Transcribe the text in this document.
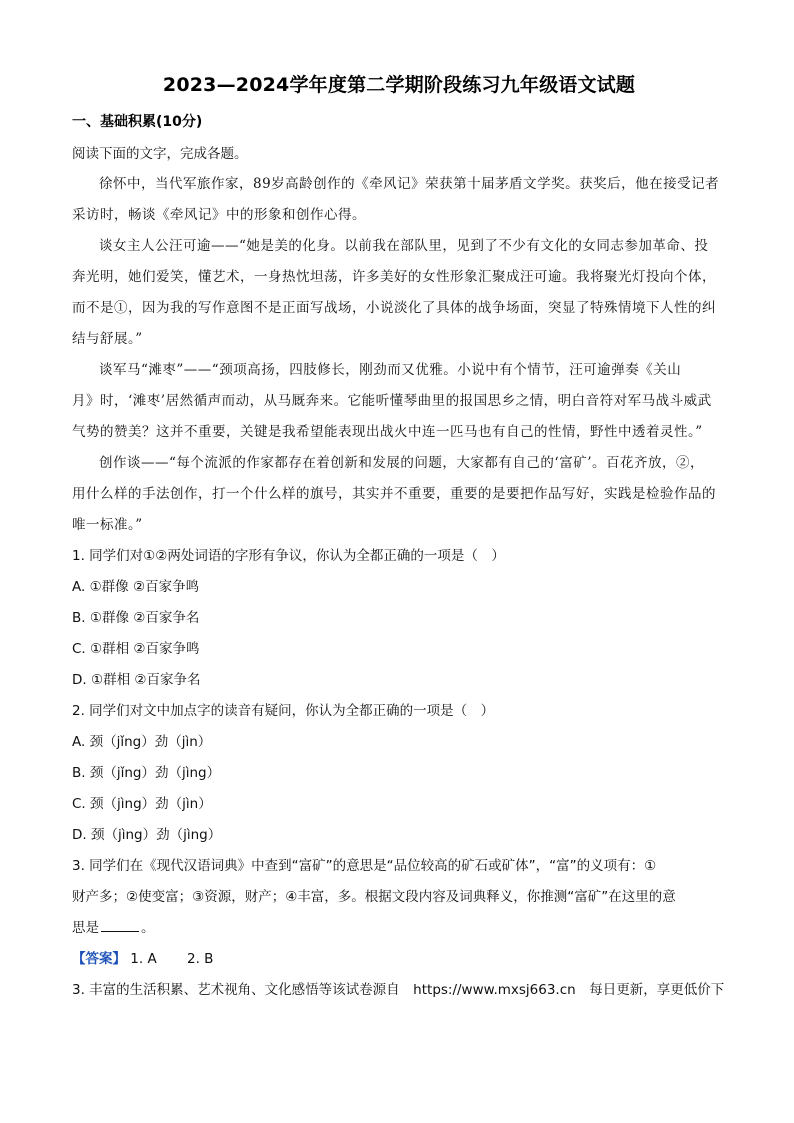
2023—2024学年度第二学期阶段练习九年级语文试题
一、基础积累(10分)
阅读下面的文字，完成各题。

徐怀中，当代军旅作家，89岁高龄创作的《牵风记》荣获第十届茅盾文学奖。获奖后，他在接受记者

采访时，畅谈《牵风记》中的形象和创作心得。

谈女主人公汪可逾——“她是美的化身。以前我在部队里，见到了不少有文化的女同志参加革命、投

奔光明，她们爱笑，懂艺术，一身热忱坦荡，许多美好的女性形象汇聚成汪可逾。我将聚光灯投向个体，

而不是①，因为我的写作意图不是正面写战场，小说淡化了具体的战争场面，突显了特殊情境下人性的纠

结与舒展。”

谈军马“滩枣”——“颈项高扬，四肢修长，刚劲而又优雅。小说中有个情节，汪可逾弹奏《关山

月》时，‘滩枣’居然循声而动，从马厩奔来。它能听懂琴曲里的报国思乡之情，明白音符对军马战斗威武

气势的赞美？这并不重要，关键是我希望能表现出战火中连一匹马也有自己的性情，野性中透着灵性。”

创作谈——“每个流派的作家都存在着创新和发展的问题，大家都有自己的‘富矿’。百花齐放，②，

用什么样的手法创作，打一个什么样的旗号，其实并不重要，重要的是要把作品写好，实践是检验作品的

唯一标准。”

1. 同学们对①②两处词语的字形有争议，你认为全都正确的一项是（　）

A. ①群像 ②百家争鸣

B. ①群像 ②百家争名

C. ①群相 ②百家争鸣

D. ①群相 ②百家争名

2. 同学们对文中加点字的读音有疑问，你认为全都正确的一项是（　）

A. 颈（jǐng）劲（jìn）

B. 颈（jǐng）劲（jìng）

C. 颈（jìng）劲（jìn）

D. 颈（jìng）劲（jìng）

3. 同学们在《现代汉语词典》中查到“富矿”的意思是“品位较高的矿石或矿体”，“富”的义项有：①

财产多；②使变富；③资源，财产；④丰富，多。根据文段内容及词典释义，你推测“富矿”在这里的意

思是	。

【答案】 1. A 2. B

3. 丰富的生活积累、艺术视角、文化感悟等该试卷源自　https://www.mxsj663.cn　每日更新，享更低价下
